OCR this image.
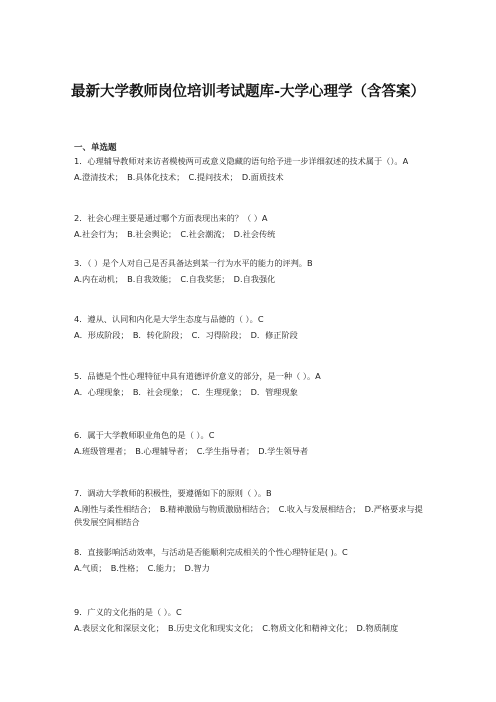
最新大学教师岗位培训考试题库-大学心理学（含答案）
一、单选题
1．心理辅导教师对来访者模棱两可或意义隐藏的语句给予进一步详细叙述的技术属于（）。A
A.澄清技术；　B.具体化技术；　C.提问技术；　D.面质技术
2．社会心理主要是通过哪个方面表现出来的？（ ）A
A.社会行为；　B.社会舆论；　C.社会潮流；　D.社会传统
3．（ ）是个人对自己是否具备达到某一行为水平的能力的评判。B
A.内在动机；　B.自我效能；　C.自我奖惩；　D.自我强化
4．遵从、认同和内化是大学生态度与品德的（ ）。C
A．形成阶段；　B．转化阶段；　C．习得阶段；　D．修正阶段
5．品德是个性心理特征中具有道德评价意义的部分，是一种（ ）。A
A．心理现象；　B．社会现象；　C．生理现象；　D．管理现象
6．属于大学教师职业角色的是（ ）。C
A.班级管理者；　B.心理辅导者；　C.学生指导者；　D.学生领导者
7．调动大学教师的积极性，要遵循如下的原则（ ）。B
A.刚性与柔性相结合；　B.精神激励与物质激励相结合；　C.收入与发展相结合；　D.严格要求与提供发展空间相结合
8．直接影响活动效率，与活动是否能顺利完成相关的个性心理特征是( )。C
A.气质；　B.性格；　C.能力；　D.智力
9．广义的文化指的是（ ）。C
A.表层文化和深层文化；　B.历史文化和现实文化；　C.物质文化和精神文化；　D.物质制度
